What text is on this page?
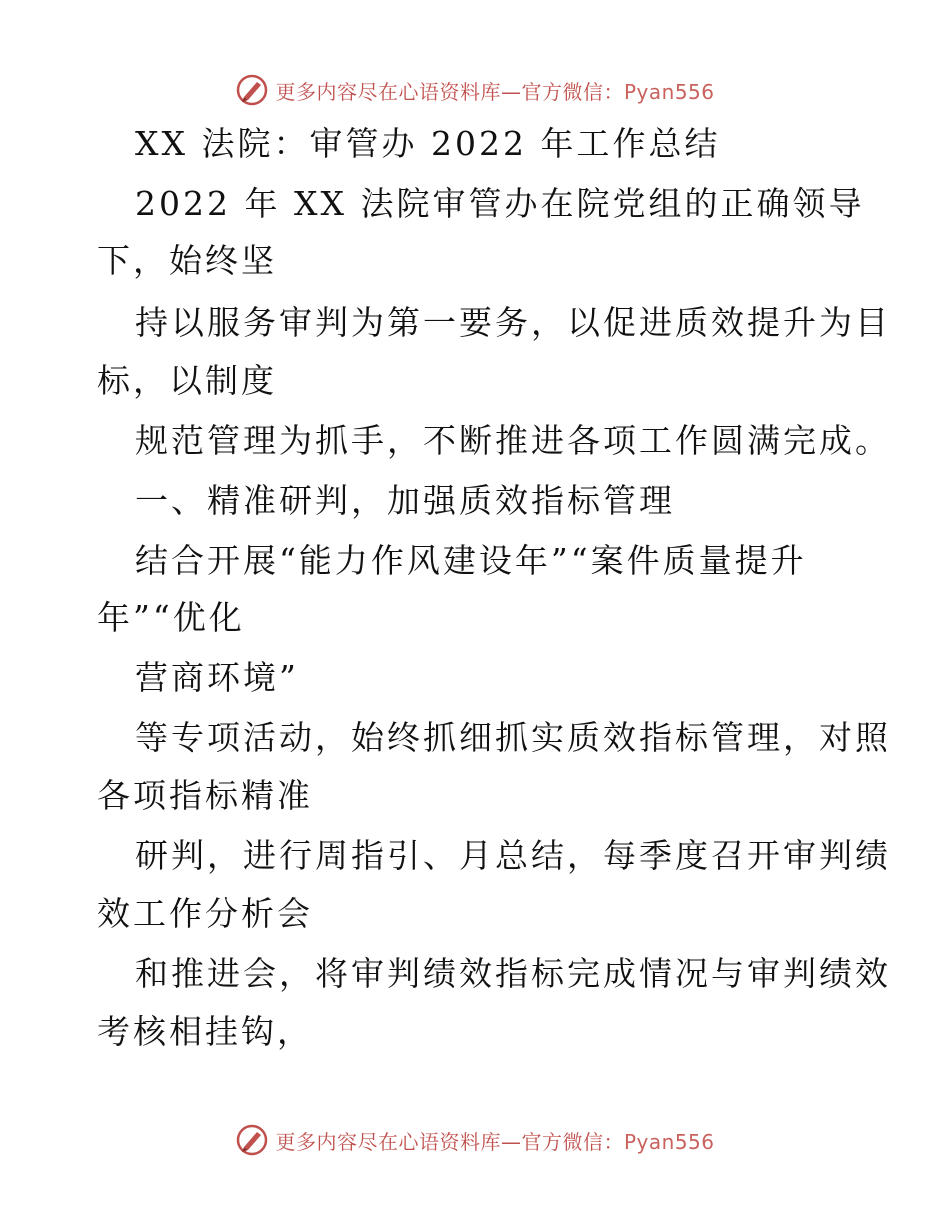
更多内容尽在心语资料库—官方微信：Pyan556
XX 法院：审管办 2022 年工作总结
2022 年 XX 法院审管办在院党组的正确领导
下，始终坚
持以服务审判为第一要务，以促进质效提升为目
标，以制度
规范管理为抓手，不断推进各项工作圆满完成。
一、精准研判，加强质效指标管理
结合开展“能力作风建设年”“案件质量提升
年”“优化
营商环境”
等专项活动，始终抓细抓实质效指标管理，对照
各项指标精准
研判，进行周指引、月总结，每季度召开审判绩
效工作分析会
和推进会，将审判绩效指标完成情况与审判绩效
考核相挂钩，
更多内容尽在心语资料库—官方微信：Pyan556
